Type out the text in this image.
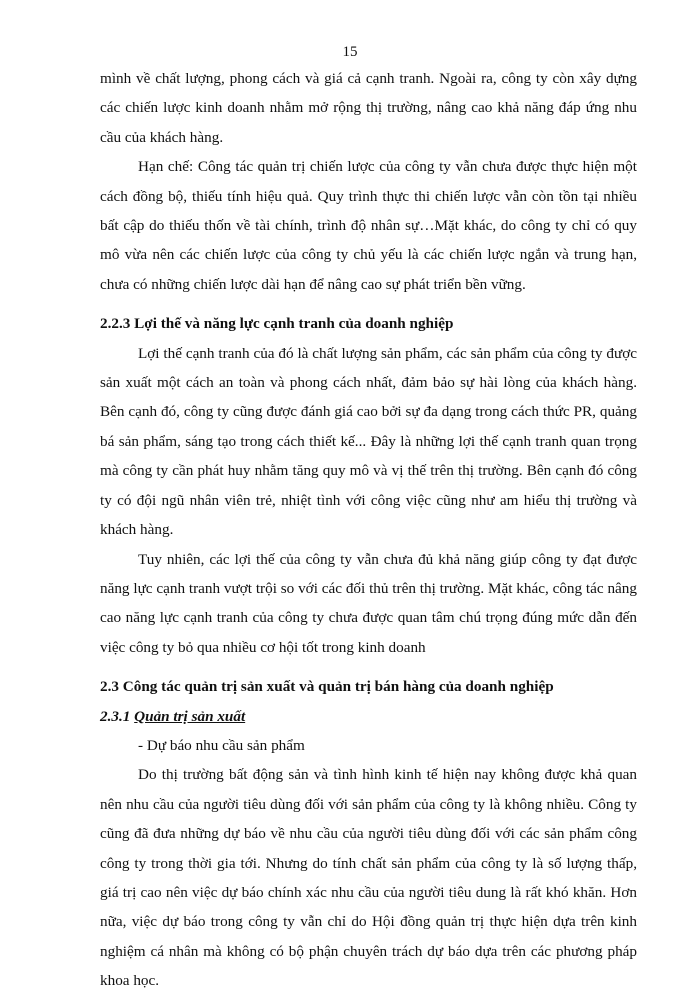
15

mình về chất lượng, phong cách và giá cả cạnh tranh. Ngoài ra, công ty còn xây dựng các chiến lược kinh doanh nhằm mở rộng thị trường, nâng cao khả năng đáp ứng nhu cầu của khách hàng.

Hạn chế: Công tác quản trị chiến lược của công ty vẫn chưa được thực hiện một cách đồng bộ, thiếu tính hiệu quả. Quy trình thực thi chiến lược vẫn còn tồn tại nhiều bất cập do thiếu thốn về tài chính, trình độ nhân sự…Mặt khác, do công ty chỉ có quy mô vừa nên các chiến lược của công ty chủ yếu là các chiến lược ngắn và trung hạn, chưa có những chiến lược dài hạn để nâng cao sự phát triển bền vững.

2.2.3 Lợi thế và năng lực cạnh tranh của doanh nghiệp

Lợi thế cạnh tranh của đó là chất lượng sản phẩm, các sản phẩm của công ty được sản xuất một cách an toàn và phong cách nhất, đảm bảo sự hài lòng của khách hàng. Bên cạnh đó, công ty cũng được đánh giá cao bởi sự đa dạng trong cách thức PR, quảng bá sản phẩm, sáng tạo trong cách thiết kế... Đây là những lợi thế cạnh tranh quan trọng mà công ty cần phát huy nhằm tăng quy mô và vị thế trên thị trường. Bên cạnh đó công ty có đội ngũ nhân viên trẻ, nhiệt tình với công việc cũng như am hiểu thị trường và khách hàng.

Tuy nhiên, các lợi thế của công ty vẫn chưa đủ khả năng giúp công ty đạt được năng lực cạnh tranh vượt trội so với các đối thủ trên thị trường. Mặt khác, công tác nâng cao năng lực cạnh tranh của công ty chưa được quan tâm chú trọng đúng mức dẫn đến việc công ty bỏ qua nhiều cơ hội tốt trong kinh doanh

2.3 Công tác quản trị sản xuất và quản trị bán hàng của doanh nghiệp
2.3.1 Quản trị sản xuất
- Dự báo nhu cầu sản phẩm

Do thị trường bất động sản và tình hình kinh tế hiện nay không được khả quan nên nhu cầu của người tiêu dùng đối với sản phẩm của công ty là không nhiều. Công ty cũng đã đưa những dự báo về nhu cầu của người tiêu dùng đối với các sản phẩm công công ty trong thời gia tới. Nhưng do tính chất sản phẩm của công ty là số lượng thấp, giá trị cao nên việc dự báo chính xác nhu cầu của người tiêu dung là rất khó khăn. Hơn nữa, việc dự báo trong công ty vẫn chỉ do Hội đồng quản trị thực hiện dựa trên kinh nghiệm cá nhân mà không có bộ phận chuyên trách dự báo dựa trên các phương pháp khoa học.
